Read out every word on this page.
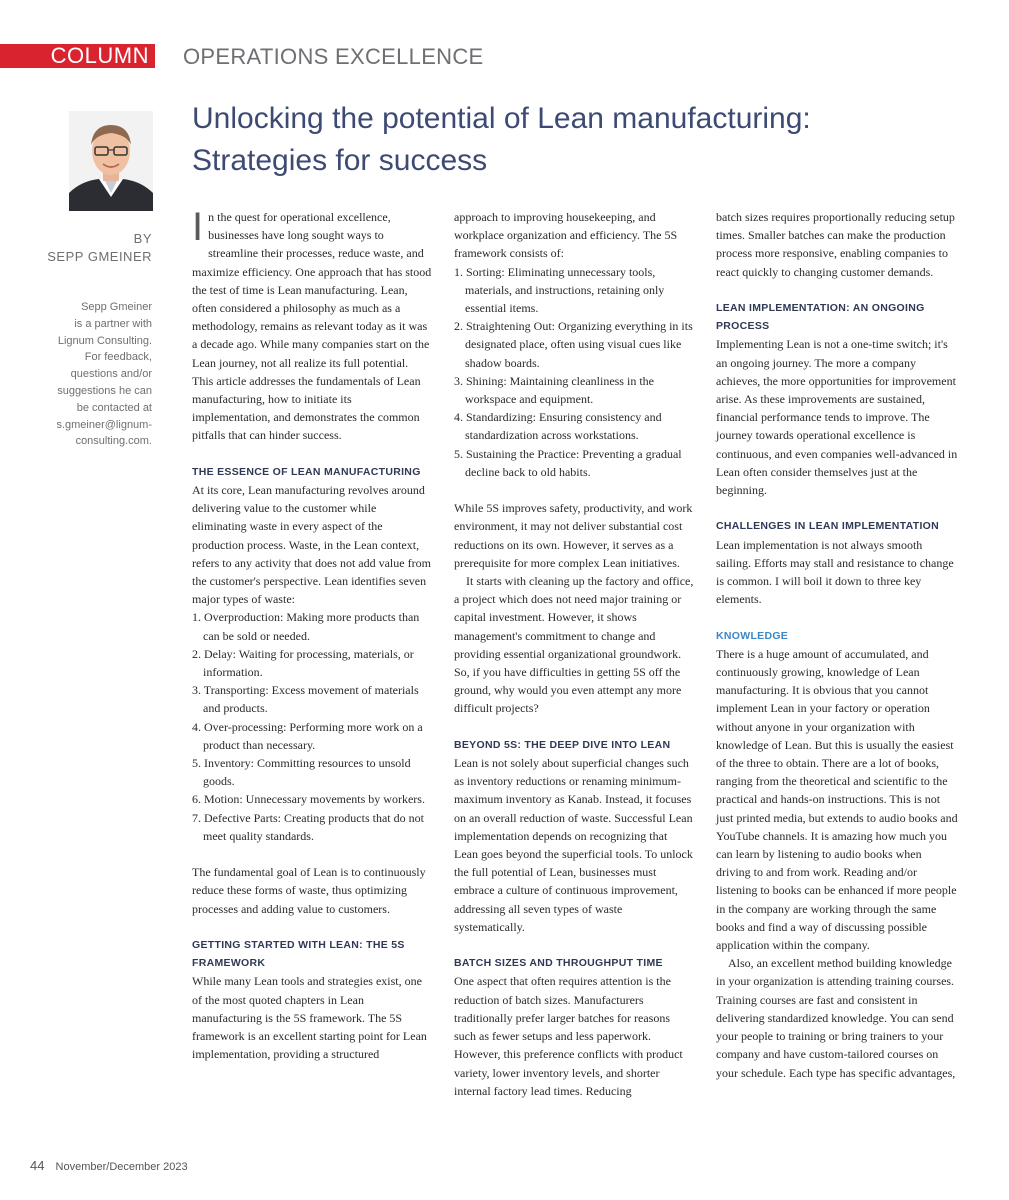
COLUMN OPERATIONS EXCELLENCE
Unlocking the potential of Lean manufacturing:
Strategies for success
BY
SEPP GMEINER
Sepp Gmeiner
is a partner with
Lignum Consulting.
For feedback,
questions and/or
suggestions he can
be contacted at
s.gmeiner@lignum-
consulting.com.

In the quest for operational excellence, businesses have long sought ways to streamline their processes, reduce waste, and maximize efficiency. One approach that has stood the test of time is Lean manufacturing. Lean, often considered a philosophy as much as a methodology, remains as relevant today as it was a decade ago. While many companies start on the Lean journey, not all realize its full potential. This article addresses the fundamentals of Lean manufacturing, how to initiate its implementation, and demonstrates the common pitfalls that can hinder success.

THE ESSENCE OF LEAN MANUFACTURING

At its core, Lean manufacturing revolves around delivering value to the customer while eliminating waste in every aspect of the production process. Waste, in the Lean context, refers to any activity that does not add value from the customer's perspective. Lean identifies seven major types of waste:

1. Overproduction: Making more products than can be sold or needed.
2. Delay: Waiting for processing, materials, or information.
3. Transporting: Excess movement of materials and products.
4. Over-processing: Performing more work on a product than necessary.
5. Inventory: Committing resources to unsold goods.
6. Motion: Unnecessary movements by workers.
7. Defective Parts: Creating products that do not meet quality standards.

The fundamental goal of Lean is to continuously reduce these forms of waste, thus optimizing processes and adding value to customers.

GETTING STARTED WITH LEAN: THE 5S FRAMEWORK

While many Lean tools and strategies exist, one of the most quoted chapters in Lean manufacturing is the 5S framework. The 5S framework is an excellent starting point for Lean implementation, providing a structured

approach to improving housekeeping, and workplace organization and efficiency. The 5S framework consists of:

1. Sorting: Eliminating unnecessary tools, materials, and instructions, retaining only essential items.
2. Straightening Out: Organizing everything in its designated place, often using visual cues like shadow boards.
3. Shining: Maintaining cleanliness in the workspace and equipment.
4. Standardizing: Ensuring consistency and standardization across workstations.
5. Sustaining the Practice: Preventing a gradual decline back to old habits.

While 5S improves safety, productivity, and work environment, it may not deliver substantial cost reductions on its own. However, it serves as a prerequisite for more complex Lean initiatives.

It starts with cleaning up the factory and office, a project which does not need major training or capital investment. However, it shows management's commitment to change and providing essential organizational groundwork. So, if you have difficulties in getting 5S off the ground, why would you even attempt any more difficult projects?

BEYOND 5S: THE DEEP DIVE INTO LEAN

Lean is not solely about superficial changes such as inventory reductions or renaming minimum-maximum inventory as Kanab. Instead, it focuses on an overall reduction of waste. Successful Lean implementation depends on recognizing that Lean goes beyond the superficial tools. To unlock the full potential of Lean, businesses must embrace a culture of continuous improvement, addressing all seven types of waste systematically.

BATCH SIZES AND THROUGHPUT TIME

One aspect that often requires attention is the reduction of batch sizes. Manufacturers traditionally prefer larger batches for reasons such as fewer setups and less paperwork. However, this preference conflicts with product variety, lower inventory levels, and shorter internal factory lead times. Reducing

batch sizes requires proportionally reducing setup times. Smaller batches can make the production process more responsive, enabling companies to react quickly to changing customer demands.

LEAN IMPLEMENTATION: AN ONGOING PROCESS

Implementing Lean is not a one-time switch; it's an ongoing journey. The more a company achieves, the more opportunities for improvement arise. As these improvements are sustained, financial performance tends to improve. The journey towards operational excellence is continuous, and even companies well-advanced in Lean often consider themselves just at the beginning.

CHALLENGES IN LEAN IMPLEMENTATION

Lean implementation is not always smooth sailing. Efforts may stall and resistance to change is common. I will boil it down to three key elements.

KNOWLEDGE

There is a huge amount of accumulated, and continuously growing, knowledge of Lean manufacturing. It is obvious that you cannot implement Lean in your factory or operation without anyone in your organization with knowledge of Lean. But this is usually the easiest of the three to obtain. There are a lot of books, ranging from the theoretical and scientific to the practical and hands-on instructions. This is not just printed media, but extends to audio books and YouTube channels. It is amazing how much you can learn by listening to audio books when driving to and from work. Reading and/or listening to books can be enhanced if more people in the company are working through the same books and find a way of discussing possible application within the company.

Also, an excellent method building knowledge in your organization is attending training courses. Training courses are fast and consistent in delivering standardized knowledge. You can send your people to training or bring trainers to your company and have custom-tailored courses on your schedule. Each type has specific advantages,

44 November/December 2023
